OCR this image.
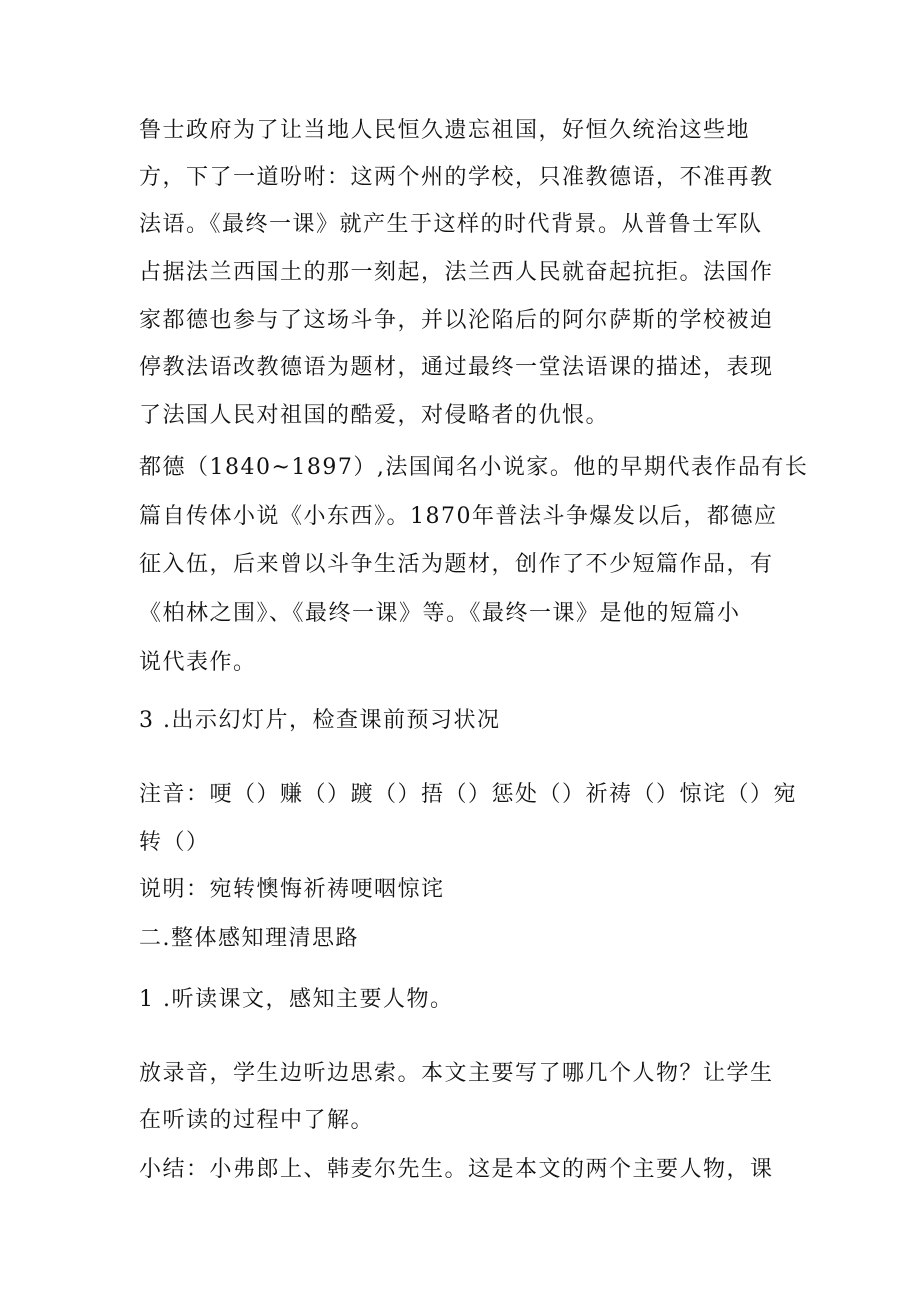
鲁士政府为了让当地人民恒久遗忘祖国，好恒久统治这些地
方，下了一道吩咐：这两个州的学校，只准教德语，不准再教
法语。《最终一课》就产生于这样的时代背景。从普鲁士军队
占据法兰西国土的那一刻起，法兰西人民就奋起抗拒。法国作
家都德也参与了这场斗争，并以沦陷后的阿尔萨斯的学校被迫
停教法语改教德语为题材，通过最终一堂法语课的描述，表现
了法国人民对祖国的酷爱，对侵略者的仇恨。
都德（1840~1897）,法国闻名小说家。他的早期代表作品有长
篇自传体小说《小东西》。1870年普法斗争爆发以后，都德应
征入伍，后来曾以斗争生活为题材，创作了不少短篇作品，有
《柏林之围》、《最终一课》等。《最终一课》是他的短篇小
说代表作。
3 .出示幻灯片，检查课前预习状况
注音：哽（）赚（）踱（）捂（）惩处（）祈祷（）惊诧（）宛
转（）
说明：宛转懊悔祈祷哽咽惊诧
二.整体感知理清思路
1 .听读课文，感知主要人物。
放录音，学生边听边思索。本文主要写了哪几个人物？让学生
在听读的过程中了解。
小结：小弗郎上、韩麦尔先生。这是本文的两个主要人物，课
